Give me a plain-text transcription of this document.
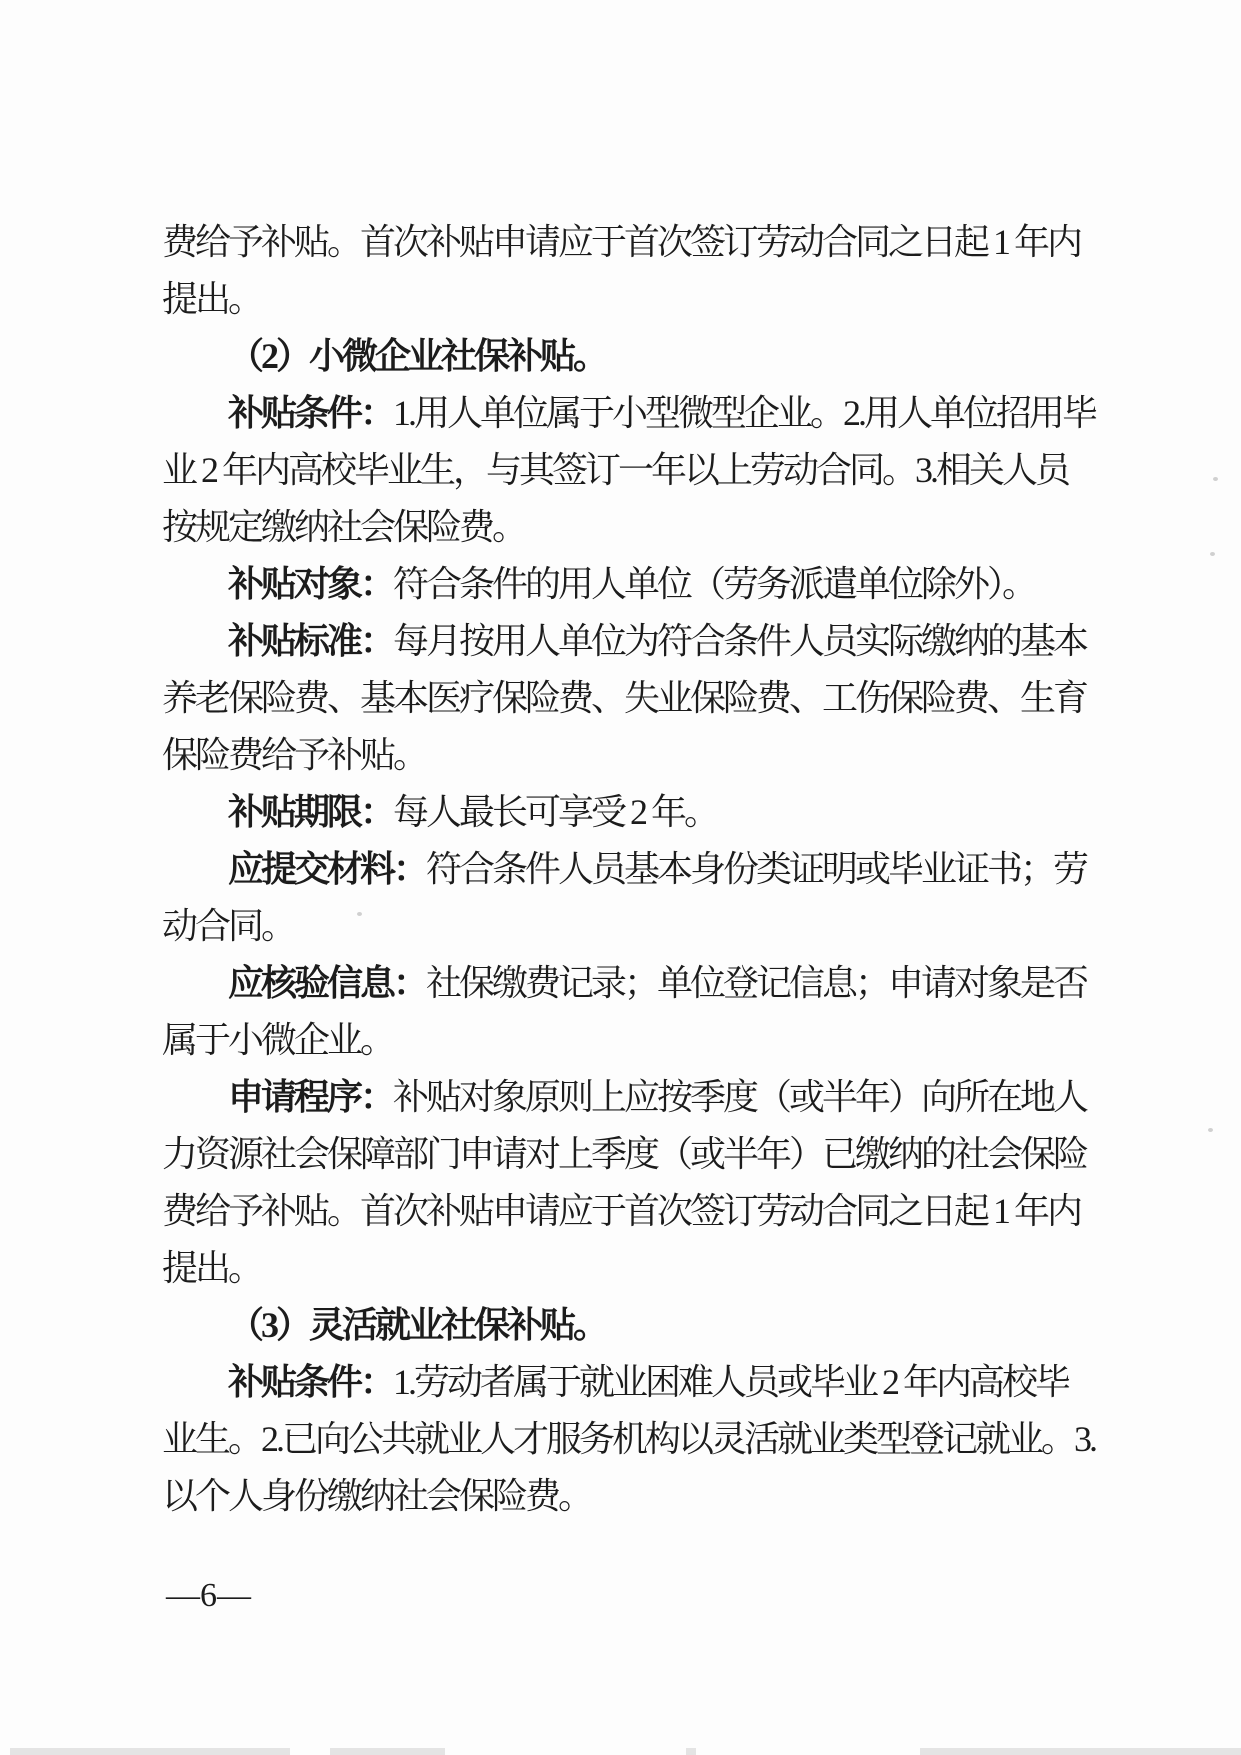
费给予补贴。首次补贴申请应于首次签订劳动合同之日起 1 年内
提出。
（2）小微企业社保补贴。
补贴条件：1.用人单位属于小型微型企业。2.用人单位招用毕
业 2 年内高校毕业生，与其签订一年以上劳动合同。3.相关人员
按规定缴纳社会保险费。
补贴对象：符合条件的用人单位（劳务派遣单位除外）。
补贴标准：每月按用人单位为符合条件人员实际缴纳的基本
养老保险费、基本医疗保险费、失业保险费、工伤保险费、生育
保险费给予补贴。
补贴期限：每人最长可享受 2 年。
应提交材料：符合条件人员基本身份类证明或毕业证书；劳
动合同。
应核验信息：社保缴费记录；单位登记信息；申请对象是否
属于小微企业。
申请程序：补贴对象原则上应按季度（或半年）向所在地人
力资源社会保障部门申请对上季度（或半年）已缴纳的社会保险
费给予补贴。首次补贴申请应于首次签订劳动合同之日起 1 年内
提出。
（3）灵活就业社保补贴。
补贴条件：1.劳动者属于就业困难人员或毕业 2 年内高校毕
业生。2.已向公共就业人才服务机构以灵活就业类型登记就业。3.
以个人身份缴纳社会保险费。
—6—
